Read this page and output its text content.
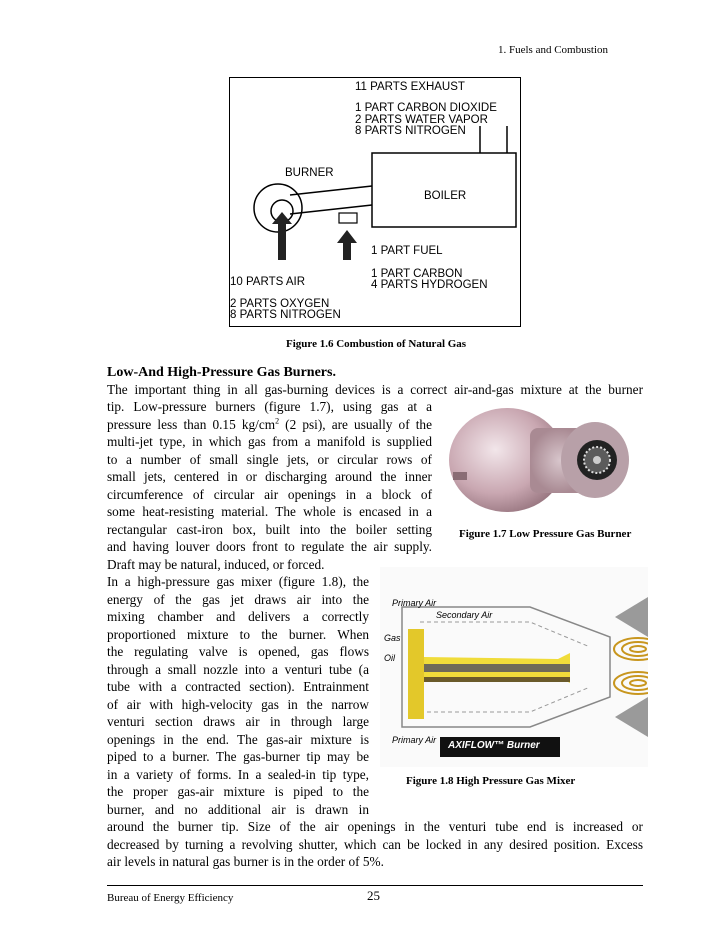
1. Fuels and Combustion
11 PARTS EXHAUST
1 PART CARBON DIOXIDE
2 PARTS WATER VAPOR
8 PARTS NITROGEN
BURNER
BOILER
1 PART FUEL
1 PART CARBON
4 PARTS HYDROGEN
10 PARTS AIR
2 PARTS OXYGEN
8 PARTS NITROGEN
Figure 1.6 Combustion of Natural Gas
Low-And High-Pressure Gas Burners.
The important thing in all gas-burning devices is a correct air-and-gas mixture at the burner
tip. Low-pressure burners (figure 1.7), using gas at a
pressure less than 0.15 $kg/cm^2$ (2 psi), are usually of the
multi-jet type, in which gas from a manifold is supplied
to a number of small single jets, or circular rows of
small jets, centered in or discharging around the inner
circumference of circular air openings in a block of
some heat-resisting material. The whole is encased in a
rectangular cast-iron box, built into the boiler setting
and having louver doors front to regulate the air supply.
Draft may be natural, induced, or forced.
Figure 1.7 Low Pressure Gas Burner
In a high-pressure gas mixer (figure 1.8), the
energy of the gas jet draws air into the
mixing chamber and delivers a correctly
proportioned mixture to the burner. When
the regulating valve is opened, gas flows
through a small nozzle into a venturi tube (a
tube with a contracted section). Entrainment
of air with high-velocity gas in the narrow
venturi section draws air in through large
openings in the end. The gas-air mixture is
piped to a burner. The gas-burner tip may be
in a variety of forms. In a sealed-in tip type,
the proper gas-air mixture is piped to the
burner, and no additional air is drawn in
around the burner tip. Size of the air openings in the venturi tube end is increased or
decreased by turning a revolving shutter, which can be locked in any desired position. Excess
air levels in natural gas burner is in the order of 5%.
Primary Air
Secondary Air
Gas
Oil
Primary Air AXIFLOW™ Burner
Figure 1.8 High Pressure Gas Mixer
Bureau of Energy Efficiency	25
